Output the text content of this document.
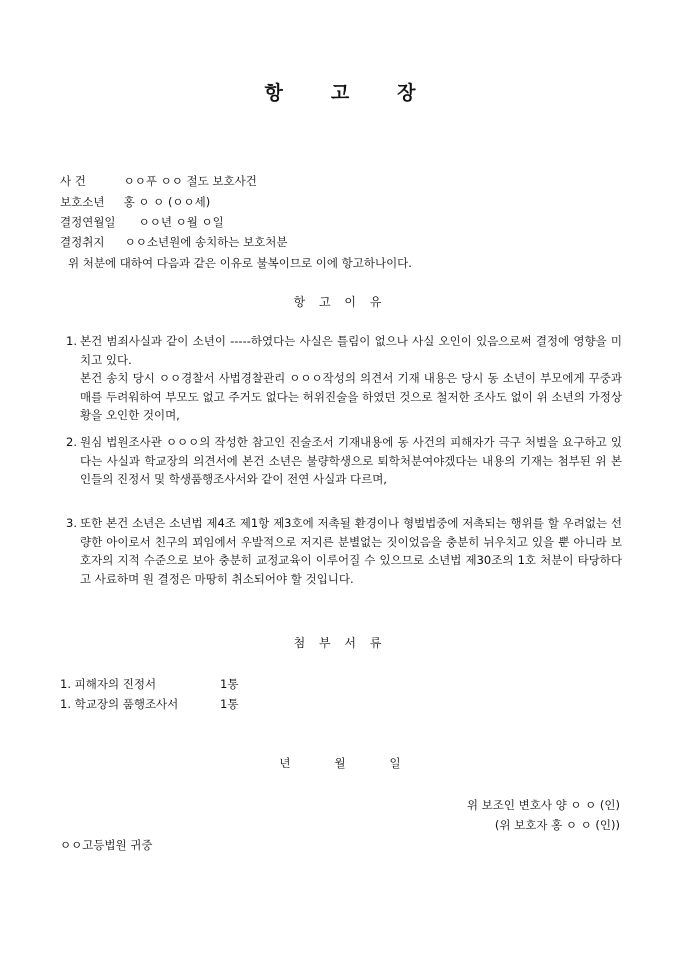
항	고	장
사 건	ㅇㅇ푸 ㅇㅇ 절도 보호사건
보호소년 홍 ㅇ ㅇ (ㅇㅇ세)
결정연월일 ㅇㅇ년 ㅇ월 ㅇ일
결정취지 ㅇㅇ소년원에 송치하는 보호처분
위 처분에 대하여 다음과 같은 이유로 불복이므로 이에 항고하나이다.
항 고 이 유
1. 본건 범죄사실과 같이 소년이 -----하였다는 사실은 틀림이 없으나 사실 오인이 있음으로써 결정에 영향을 미치고 있다.
본건 송치 당시 ㅇㅇ경찰서 사법경찰관리 ㅇㅇㅇ작성의 의견서 기재 내용은 당시 동 소년이 부모에게 꾸중과 매를 두려워하여 부모도 없고 주거도 없다는 허위진술을 하였던 것으로 철저한 조사도 없이 위 소년의 가정상황을 오인한 것이며,
2. 원심 법원조사관 ㅇㅇㅇ의 작성한 참고인 진술조서 기재내용에 동 사건의 피해자가 극구 처벌을 요구하고 있다는 사실과 학교장의 의견서에 본건 소년은 불량학생으로 퇴학처분여야겠다는 내용의 기재는 첨부된 위 본인들의 진정서 및 학생품행조사서와 같이 전연 사실과 다르며,
3. 또한 본건 소년은 소년법 제4조 제1항 제3호에 저촉될 환경이나 형벌법중에 저촉되는 행위를 할 우려없는 선량한 아이로서 친구의 꾀임에서 우발적으로 저지른 분별없는 짓이었음을 충분히 뉘우치고 있을 뿐 아니라 보호자의 지적 수준으로 보아 충분히 교정교육이 이루어질 수 있으므로 소년법 제30조의 1호 처분이 타당하다고 사료하며 원 결정은 마땅히 취소되어야 할 것입니다.
첨 부 서 류
1. 피해자의 진정서	1통
1. 학교장의 품행조사서	1통
년	월	일
위 보조인 변호사 양 ㅇ ㅇ (인)
(위 보호자 홍 ㅇ ㅇ (인))
ㅇㅇ고등법원 귀중
